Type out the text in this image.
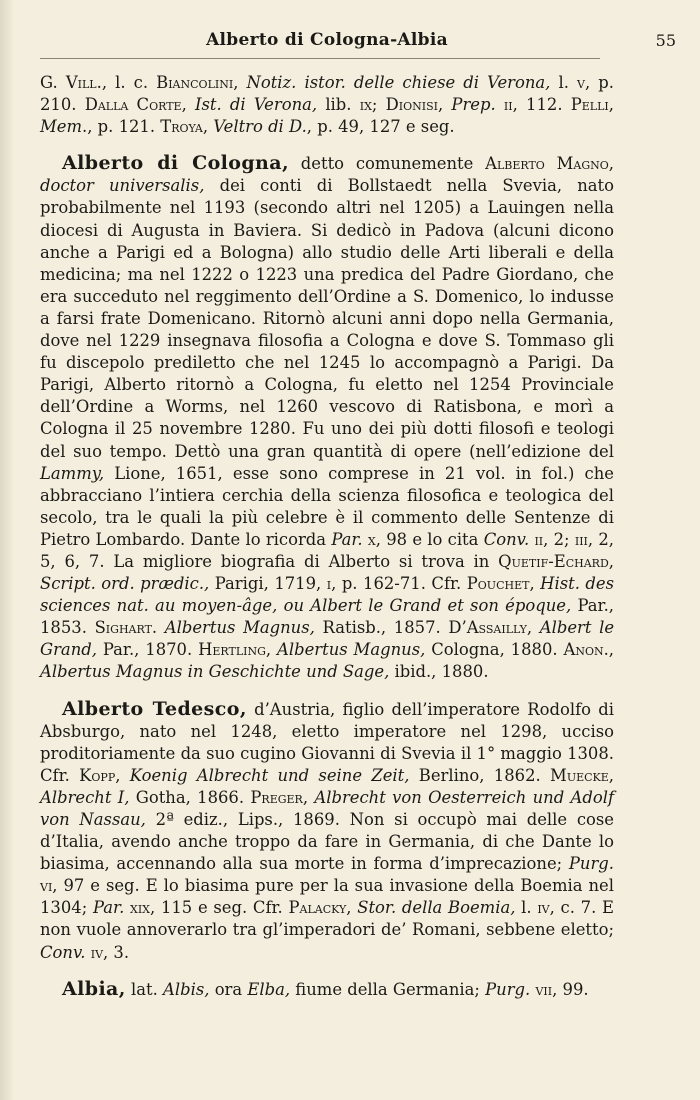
Alberto di Cologna-Albia	55

G. Vill., l. c. Biancolini, Notiz. istor. delle chiese di Verona, l. v, p. 210. Dalla Corte, Ist. di Verona, lib. ix; Dionisi, Prep. ii, 112. Pelli, Mem., p. 121. Troya, Veltro di D., p. 49, 127 e seg.

Alberto di Cologna, detto comunemente Alberto Magno, doctor universalis, dei conti di Bollstaedt nella Svevia, nato probabilmente nel 1193 (secondo altri nel 1205) a Lauingen nella diocesi di Augusta in Baviera. Si dedicò in Padova (alcuni dicono anche a Parigi ed a Bologna) allo studio delle Arti liberali e della medicina; ma nel 1222 o 1223 una predica del Padre Giordano, che era succeduto nel reggimento dell’Ordine a S. Domenico, lo indusse a farsi frate Domenicano. Ritornò alcuni anni dopo nella Germania, dove nel 1229 insegnava filosofia a Cologna e dove S. Tommaso gli fu discepolo prediletto che nel 1245 lo accompagnò a Parigi. Da Parigi, Alberto ritornò a Cologna, fu eletto nel 1254 Provinciale dell’Ordine a Worms, nel 1260 vescovo di Ratisbona, e morì a Cologna il 25 novembre 1280. Fu uno dei più dotti filosofi e teologi del suo tempo. Dettò una gran quantità di opere (nell’edizione del Lammy, Lione, 1651, esse sono comprese in 21 vol. in fol.) che abbracciano l’intiera cerchia della scienza filosofica e teologica del secolo, tra le quali la più celebre è il commento delle Sentenze di Pietro Lombardo. Dante lo ricorda Par. x, 98 e lo cita Conv. ii, 2; iii, 2, 5, 6, 7. La migliore biografia di Alberto si trova in Quetif-Echard, Script. ord. prædic., Parigi, 1719, i, p. 162-71. Cfr. Pouchet, Hist. des sciences nat. au moyen-âge, ou Albert le Grand et son époque, Par., 1853. Sighart. Albertus Magnus, Ratisb., 1857. D’Assailly, Albert le Grand, Par., 1870. Hertling, Albertus Magnus, Cologna, 1880. Anon., Albertus Magnus in Geschichte und Sage, ibid., 1880.

Alberto Tedesco, d’Austria, figlio dell’imperatore Rodolfo di Absburgo, nato nel 1248, eletto imperatore nel 1298, ucciso proditoriamente da suo cugino Giovanni di Svevia il 1° maggio 1308. Cfr. Kopp, Koenig Albrecht und seine Zeit, Berlino, 1862. Muecke, Albrecht I, Gotha, 1866. Preger, Albrecht von Oesterreich und Adolf von Nassau, 2ª ediz., Lips., 1869. Non si occupò mai delle cose d’Italia, avendo anche troppo da fare in Germania, di che Dante lo biasima, accennando alla sua morte in forma d’imprecazione; Purg. vi, 97 e seg. E lo biasima pure per la sua invasione della Boemia nel 1304; Par. xix, 115 e seg. Cfr. Palacky, Stor. della Boemia, l. iv, c. 7. E non vuole annoverarlo tra gl’imperadori de’ Romani, sebbene eletto; Conv. iv, 3.

Albia, lat. Albis, ora Elba, fiume della Germania; Purg. vii, 99.
